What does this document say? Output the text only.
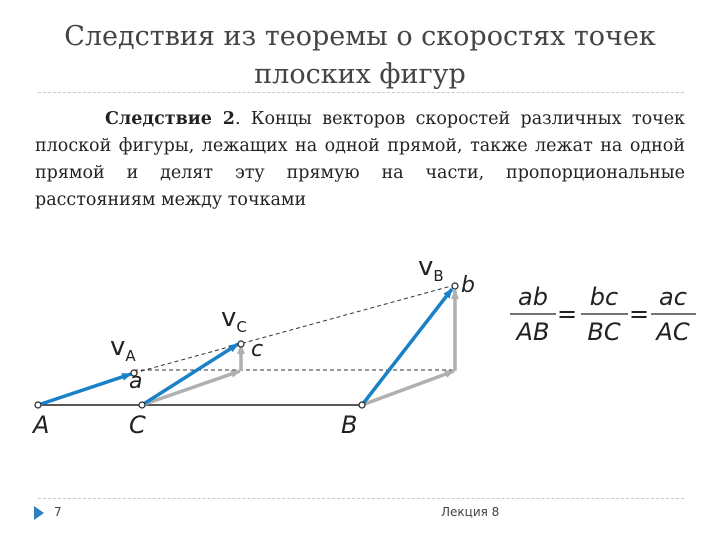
Следствия из теоремы о скоростях точек плоских фигур
Следствие 2. Концы векторов скоростей различных точек плоской фигуры, лежащих на одной прямой, также лежат на одной прямой и делят эту прямую на части, пропорциональные расстояниям между точками
A	C	B
a
c
b
$v_A$
$v_C$
$v_B$
ab
AB
=
bc
BC
=
ac
AC
7	Лекция 8
